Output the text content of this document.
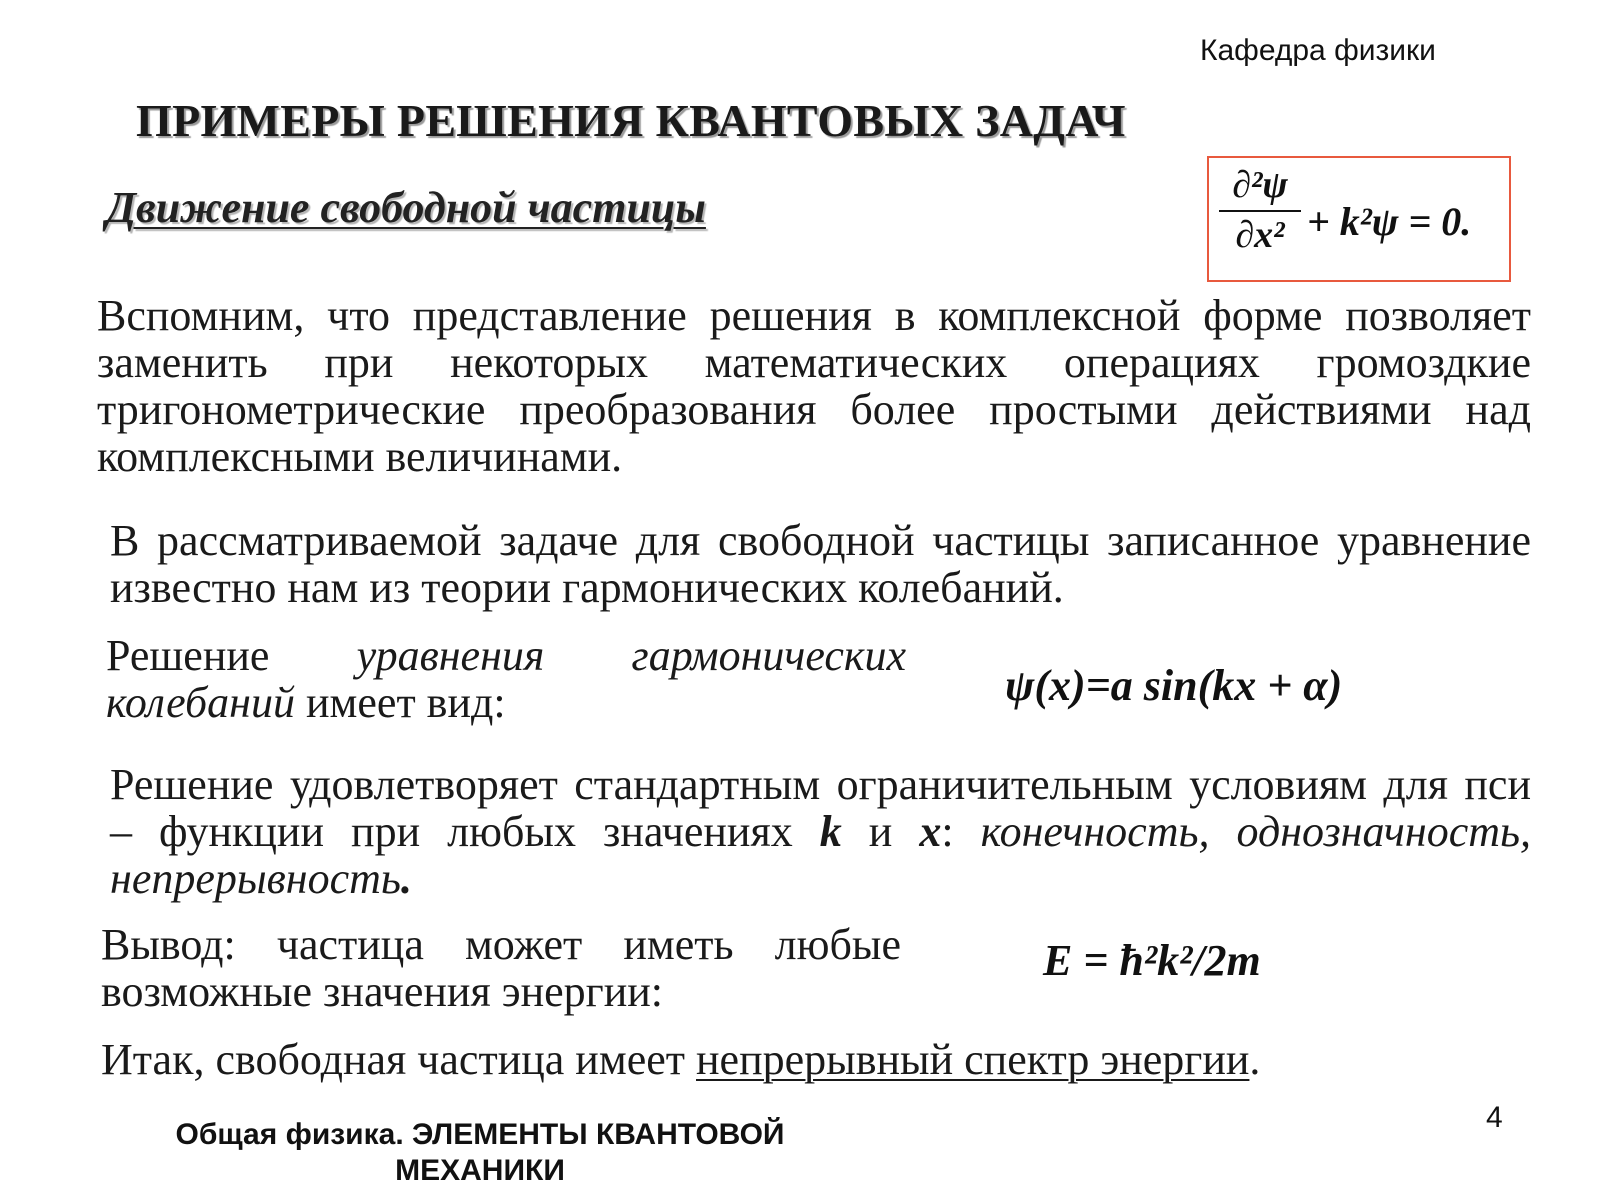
Кафедра физики
ПРИМЕРЫ РЕШЕНИЯ КВАНТОВЫХ ЗАДАЧ
Движение свободной частицы	∂²ψ
∂x² + k²ψ = 0.
Вспомним, что представление решения в комплексной форме позволяет заменить при некоторых математических операциях громоздкие тригонометрические преобразования более простыми действиями над комплексными величинами.
В рассматриваемой задаче для свободной частицы записанное уравнение известно нам из теории гармонических колебаний.
Решение уравнения гармонических колебаний имеет вид:	ψ(x)=a sin(kx + α)
Решение удовлетворяет стандартным ограничительным условиям для пси – функции при любых значениях k и x: конечность, однозначность, непрерывность.
Вывод: частица может иметь любые возможные значения энергии:
E = ħ²k²/2m
Итак, свободная частица имеет непрерывный спектр энергии.
Общая физика. ЭЛЕМЕНТЫ КВАНТОВОЙ
МЕХАНИКИ
4
